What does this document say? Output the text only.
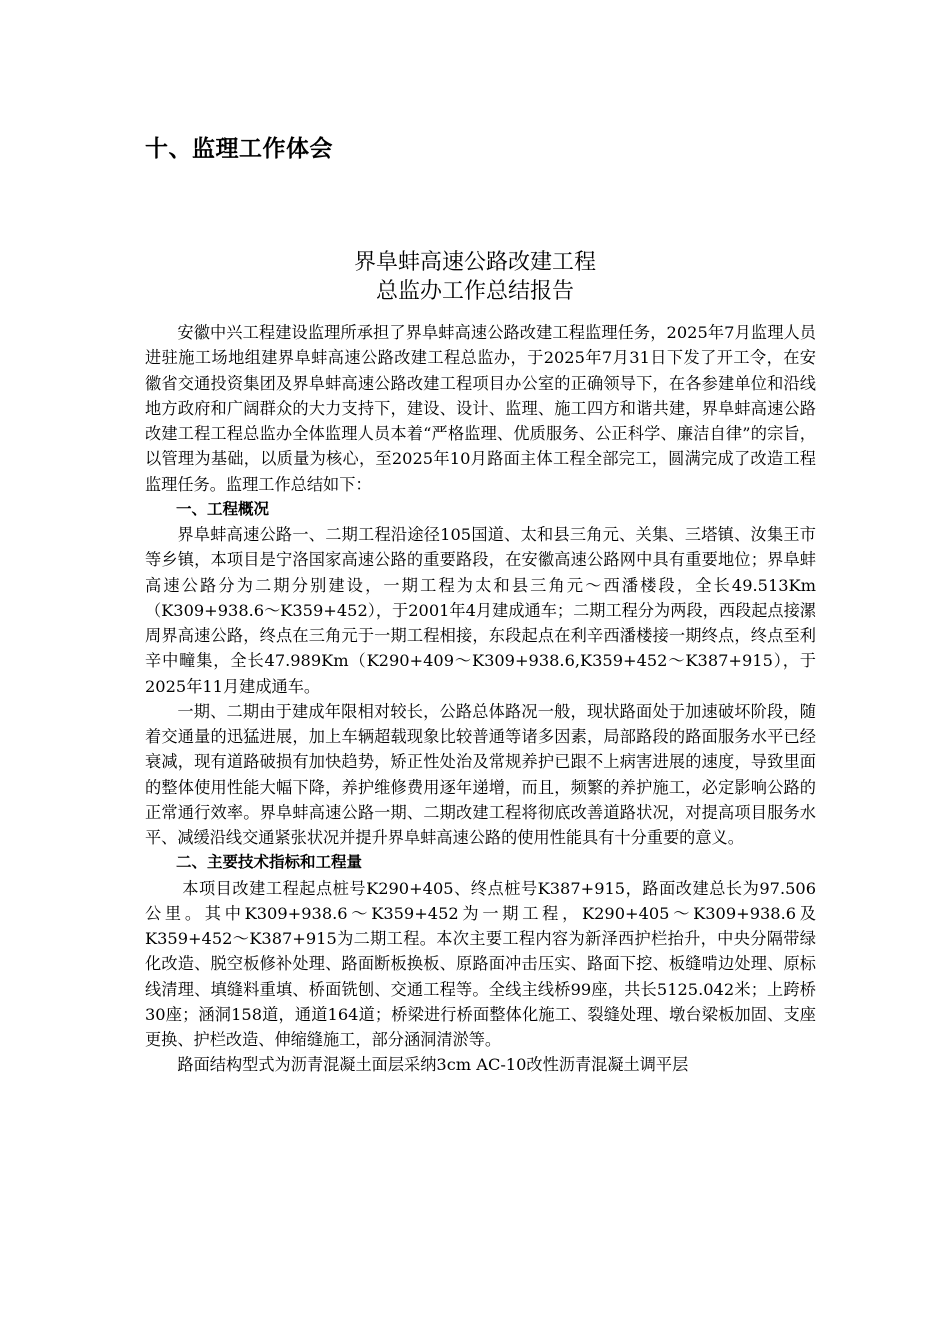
十、监理工作体会
界阜蚌高速公路改建工程
总监办工作总结报告

安徽中兴工程建设监理所承担了界阜蚌高速公路改建工程监理任务，2025年7月监理人员进驻施工场地组建界阜蚌高速公路改建工程总监办，于2025年7月31日下发了开工令，在安徽省交通投资集团及界阜蚌高速公路改建工程项目办公室的正确领导下，在各参建单位和沿线地方政府和广阔群众的大力支持下，建设、设计、监理、施工四方和谐共建，界阜蚌高速公路改建工程工程总监办全体监理人员本着“严格监理、优质服务、公正科学、廉洁自律”的宗旨，以管理为基础，以质量为核心，至2025年10月路面主体工程全部完工，圆满完成了改造工程监理任务。监理工作总结如下：

一、工程概况

界阜蚌高速公路一、二期工程沿途径105国道、太和县三角元、关集、三塔镇、汝集王市等乡镇，本项目是宁洛国家高速公路的重要路段，在安徽高速公路网中具有重要地位；界阜蚌高速公路分为二期分别建设，一期工程为太和县三角元～西潘楼段，全长49.513Km（K309+938.6～K359+452），于2001年4月建成通车；二期工程分为两段，西段起点接漯周界高速公路，终点在三角元于一期工程相接，东段起点在利辛西潘楼接一期终点，终点至利辛中疃集，全长47.989Km（K290+409～K309+938.6,K359+452～K387+915），于2025年11月建成通车。

一期、二期由于建成年限相对较长，公路总体路况一般，现状路面处于加速破坏阶段，随着交通量的迅猛进展，加上车辆超载现象比较普通等诸多因素，局部路段的路面服务水平已经衰减，现有道路破损有加快趋势，矫正性处治及常规养护已跟不上病害进展的速度，导致里面的整体使用性能大幅下降，养护维修费用逐年递增，而且，频繁的养护施工，必定影响公路的正常通行效率。界阜蚌高速公路一期、二期改建工程将彻底改善道路状况，对提高项目服务水平、减缓沿线交通紧张状况并提升界阜蚌高速公路的使用性能具有十分重要的意义。

二、主要技术指标和工程量

本项目改建工程起点桩号K290+405、终点桩号K387+915，路面改建总长为97.506公里。其中K309+938.6～K359+452为一期工程，K290+405～K309+938.6及K359+452～K387+915为二期工程。本次主要工程内容为新泽西护栏抬升，中央分隔带绿化改造、脱空板修补处理、路面断板换板、原路面冲击压实、路面下挖、板缝啃边处理、原标线清理、填缝料重填、桥面铣刨、交通工程等。全线主线桥99座，共长5125.042米；上跨桥30座；涵洞158道，通道164道；桥梁进行桥面整体化施工、裂缝处理、墩台梁板加固、支座更换、护栏改造、伸缩缝施工，部分涵洞清淤等。

路面结构型式为沥青混凝土面层采纳3cm AC-10改性沥青混凝土调平层
